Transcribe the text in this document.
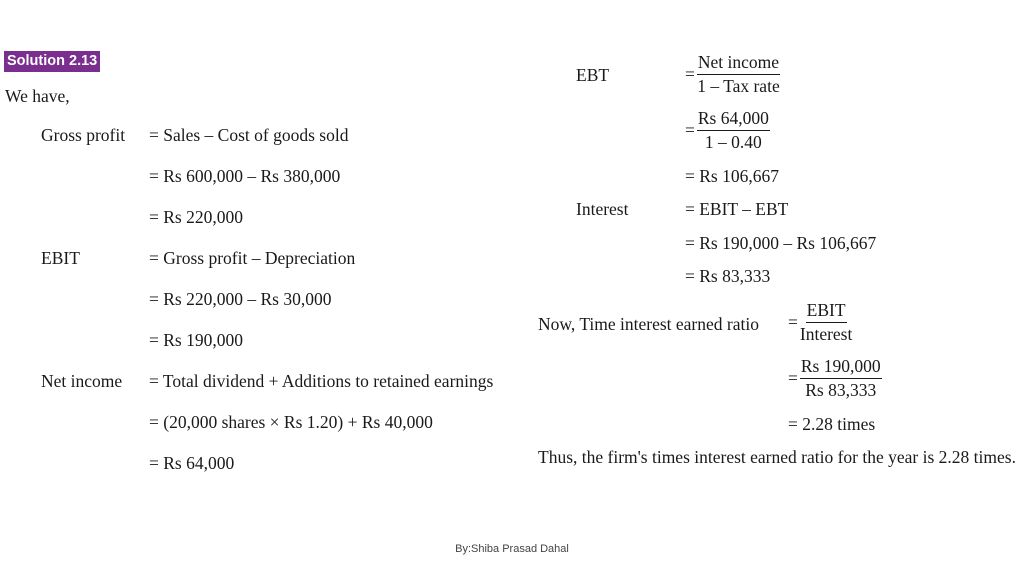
Solution 2.13
We have,
Gross profit = Sales – Cost of goods sold
= Rs 600,000 – Rs 380,000
= Rs 220,000
EBIT	= Gross profit – Depreciation
= Rs 220,000 – Rs 30,000
= Rs 190,000
Net income = Total dividend + Additions to retained earnings
= (20,000 shares × Rs 1.20) + Rs 40,000
= Rs 64,000
EBT	= $\frac{\text{Net income}}{\text{1 – Tax rate}}$
= $\frac{Rs 64,000}{1 - 0.40}$
= Rs 106,667
Interest	= EBIT – EBT
= Rs 190,000 – Rs 106,667
= Rs 83,333
Now, Time interest earned ratio = $\frac{\text{EBIT}}{\text{Interest}}$
= $\frac{Rs 190,000}{Rs 83,333}$
= 2.28 times
Thus, the firm's times interest earned ratio for the year is 2.28 times.
By:Shiba Prasad Dahal
